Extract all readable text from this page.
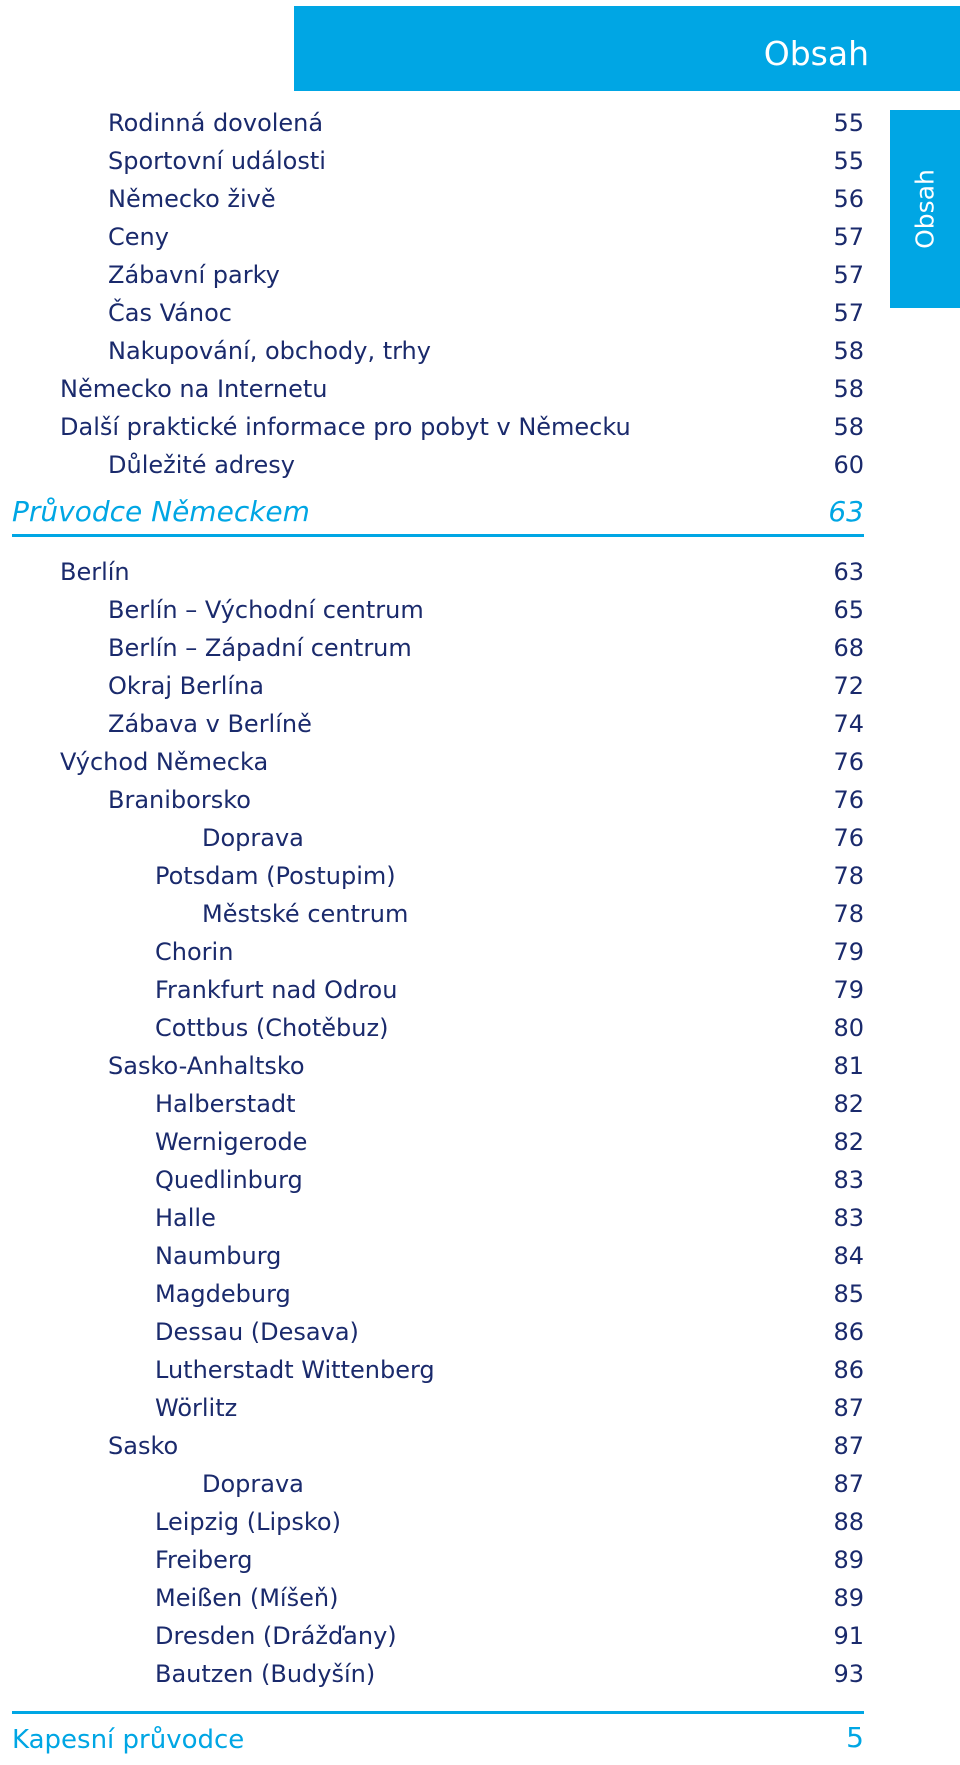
Obsah
Obsah
Rodinná dovolená	55
Sportovní události	55
Německo živě	56
Ceny	57
Zábavní parky	57
Čas Vánoc	57
Nakupování, obchody, trhy	58
Německo na Internetu	58
Další praktické informace pro pobyt v Německu	58
Důležité adresy	60
Průvodce Německem	63
Berlín	63
Berlín – Východní centrum	65
Berlín – Západní centrum	68
Okraj Berlína	72
Zábava v Berlíně	74
Východ Německa	76
Braniborsko	76
Doprava	76
Potsdam (Postupim)	78
Městské centrum	78
Chorin	79
Frankfurt nad Odrou	79
Cottbus (Chotěbuz)	80
Sasko-Anhaltsko	81
Halberstadt	82
Wernigerode	82
Quedlinburg	83
Halle	83
Naumburg	84
Magdeburg	85
Dessau (Desava)	86
Lutherstadt Wittenberg	86
Wörlitz	87
Sasko	87
Doprava	87
Leipzig (Lipsko)	88
Freiberg	89
Meißen (Míšeň)	89
Dresden (Drážďany)	91
Bautzen (Budyšín)	93
Kapesní průvodce	5
